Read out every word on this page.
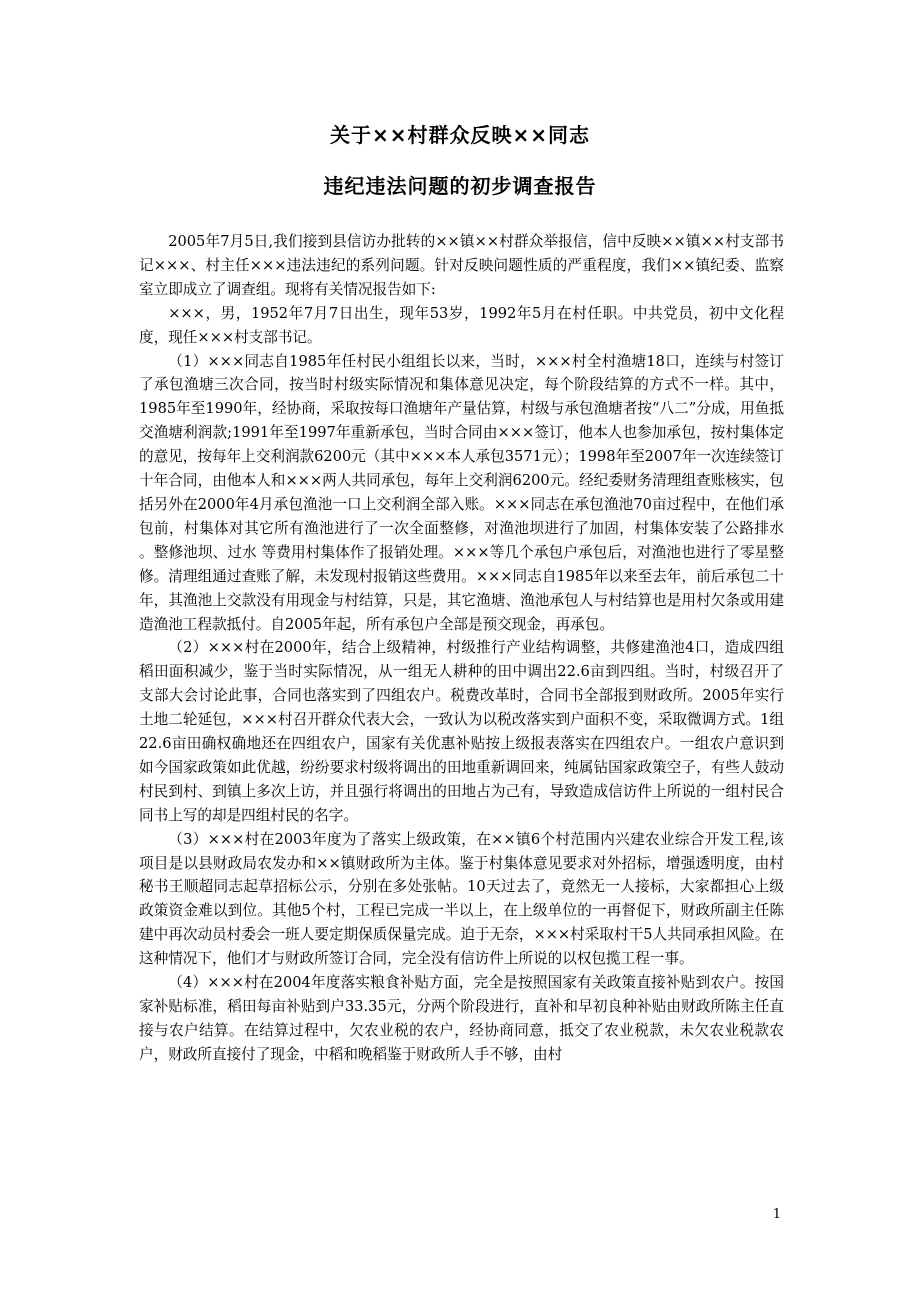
关于××村群众反映××同志
违纪违法问题的初步调查报告

2005年7月5日,我们接到县信访办批转的××镇××村群众举报信，信中反映××镇××村支部书记×××、村主任×××违法违纪的系列问题。针对反映问题性质的严重程度，我们××镇纪委、监察室立即成立了调查组。现将有关情况报告如下:

×××，男，1952年7月7日出生，现年53岁，1992年5月在村任职。中共党员，初中文化程度，现任×××村支部书记。

（1）×××同志自1985年任村民小组组长以来，当时，×××村全村渔塘18口，连续与村签订了承包渔塘三次合同，按当时村级实际情况和集体意见决定，每个阶段结算的方式不一样。其中，1985年至1990年，经协商，采取按每口渔塘年产量估算，村级与承包渔塘者按“八二”分成，用鱼抵交渔塘利润款;1991年至1997年重新承包，当时合同由×××签订，他本人也参加承包，按村集体定的意见，按每年上交利润款6200元（其中×××本人承包3571元）；1998年至2007年一次连续签订十年合同，由他本人和×××两人共同承包，每年上交利润6200元。经纪委财务清理组查账核实，包括另外在2000年4月承包渔池一口上交利润全部入账。×××同志在承包渔池70亩过程中，在他们承包前，村集体对其它所有渔池进行了一次全面整修，对渔池坝进行了加固，村集体安装了公路排水 。整修池坝、过水 等费用村集体作了报销处理。×××等几个承包户承包后，对渔池也进行了零星整修。清理组通过查账了解，未发现村报销这些费用。×××同志自1985年以来至去年，前后承包二十年，其渔池上交款没有用现金与村结算，只是，其它渔塘、渔池承包人与村结算也是用村欠条或用建造渔池工程款抵付。自2005年起，所有承包户全部是预交现金，再承包。

（2）×××村在2000年，结合上级精神，村级推行产业结构调整，共修建渔池4口，造成四组稻田面积减少，鉴于当时实际情况，从一组无人耕种的田中调出22.6亩到四组。当时，村级召开了支部大会讨论此事，合同也落实到了四组农户。税费改革时，合同书全部报到财政所。2005年实行土地二轮延包，×××村召开群众代表大会，一致认为以税改落实到户面积不变，采取微调方式。1组22.6亩田确权确地还在四组农户，国家有关优惠补贴按上级报表落实在四组农户。一组农户意识到如今国家政策如此优越，纷纷要求村级将调出的田地重新调回来，纯属钻国家政策空子，有些人鼓动村民到村、到镇上多次上访，并且强行将调出的田地占为己有，导致造成信访件上所说的一组村民合同书上写的却是四组村民的名字。

（3）×××村在2003年度为了落实上级政策，在××镇6个村范围内兴建农业综合开发工程,该项目是以县财政局农发办和××镇财政所为主体。鉴于村集体意见要求对外招标，增强透明度，由村秘书王顺超同志起草招标公示，分别在多处张帖。10天过去了，竟然无一人接标，大家都担心上级政策资金难以到位。其他5个村，工程已完成一半以上，在上级单位的一再督促下，财政所副主任陈建中再次动员村委会一班人要定期保质保量完成。迫于无奈，×××村采取村干5人共同承担风险。在这种情况下，他们才与财政所签订合同，完全没有信访件上所说的以权包揽工程一事。

（4）×××村在2004年度落实粮食补贴方面，完全是按照国家有关政策直接补贴到农户。按国家补贴标准，稻田每亩补贴到户33.35元，分两个阶段进行，直补和早初良种补贴由财政所陈主任直接与农户结算。在结算过程中，欠农业税的农户，经协商同意，抵交了农业税款，未欠农业税款农户，财政所直接付了现金，中稻和晚稻鉴于财政所人手不够，由村

1
